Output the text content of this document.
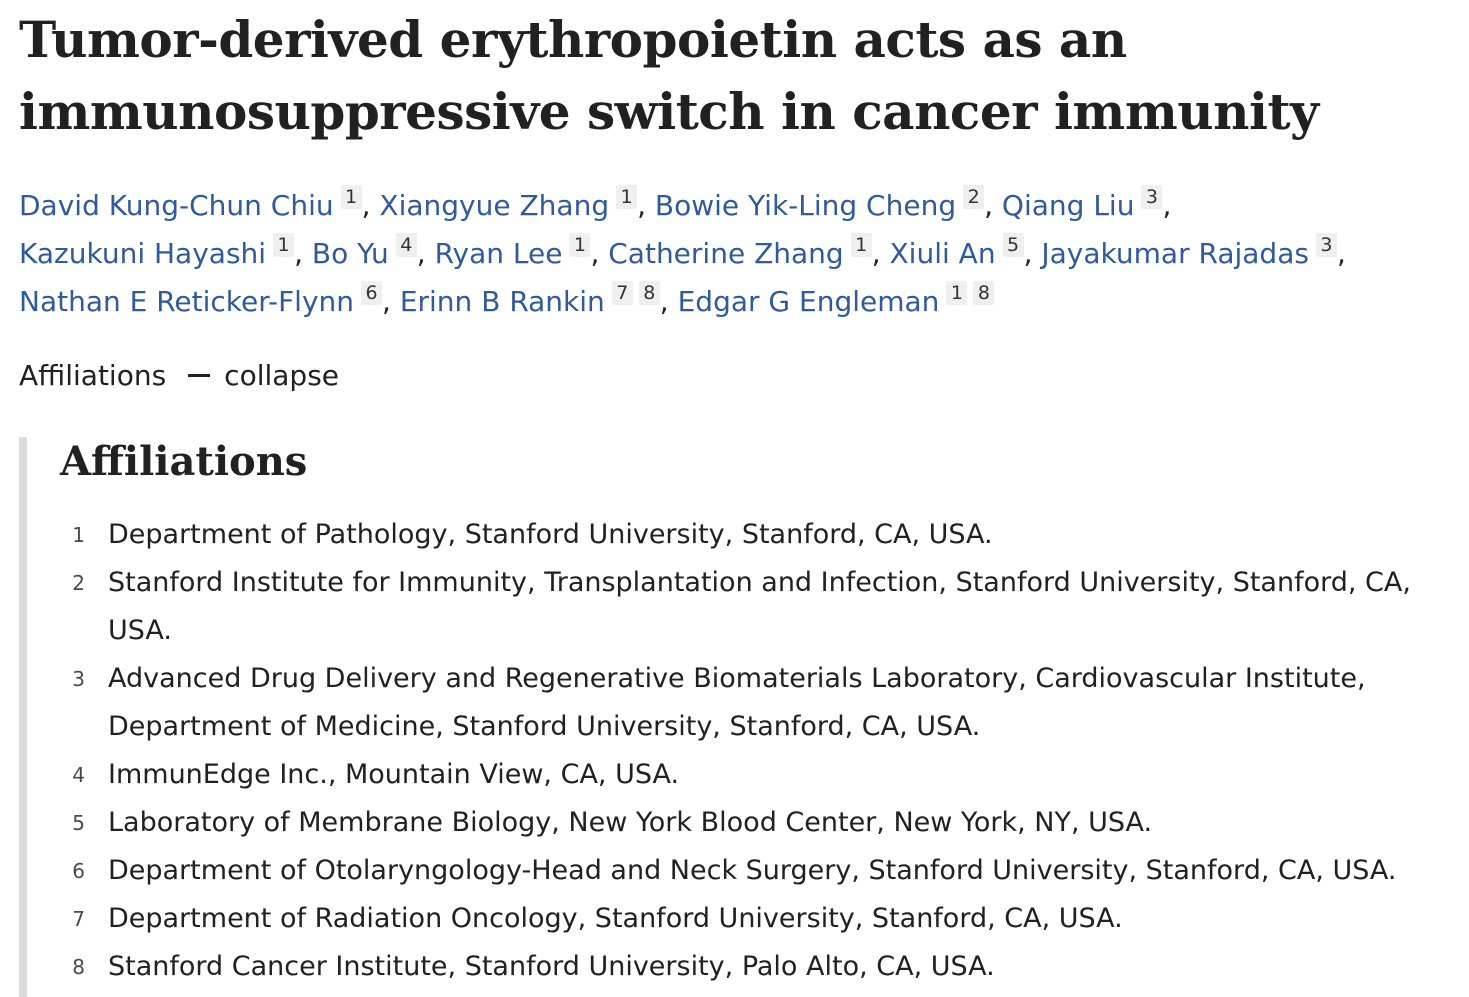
Tumor-derived erythropoietin acts as an
immunosuppressive switch in cancer immunity
David Kung-Chun Chiu 1 , Xiangyue Zhang 1 , Bowie Yik-Ling Cheng 2 , Qiang Liu 3 ,
Kazukuni Hayashi 1 , Bo Yu 4 , Ryan Lee 1 , Catherine Zhang 1 , Xiuli An 5 , Jayakumar Rajadas 3 ,
Nathan E Reticker-Flynn 6 , Erinn B Rankin 7 8 , Edgar G Engleman 1 8
Affiliations collapse
Affiliations
1 Department of Pathology, Stanford University, Stanford, CA, USA.
2 Stanford Institute for Immunity, Transplantation and Infection, Stanford University, Stanford, CA, USA.
3 Advanced Drug Delivery and Regenerative Biomaterials Laboratory, Cardiovascular Institute, Department of Medicine, Stanford University, Stanford, CA, USA.
4 ImmunEdge Inc., Mountain View, CA, USA.
5 Laboratory of Membrane Biology, New York Blood Center, New York, NY, USA.
6 Department of Otolaryngology-Head and Neck Surgery, Stanford University, Stanford, CA, USA.
7 Department of Radiation Oncology, Stanford University, Stanford, CA, USA.
8 Stanford Cancer Institute, Stanford University, Palo Alto, CA, USA.
